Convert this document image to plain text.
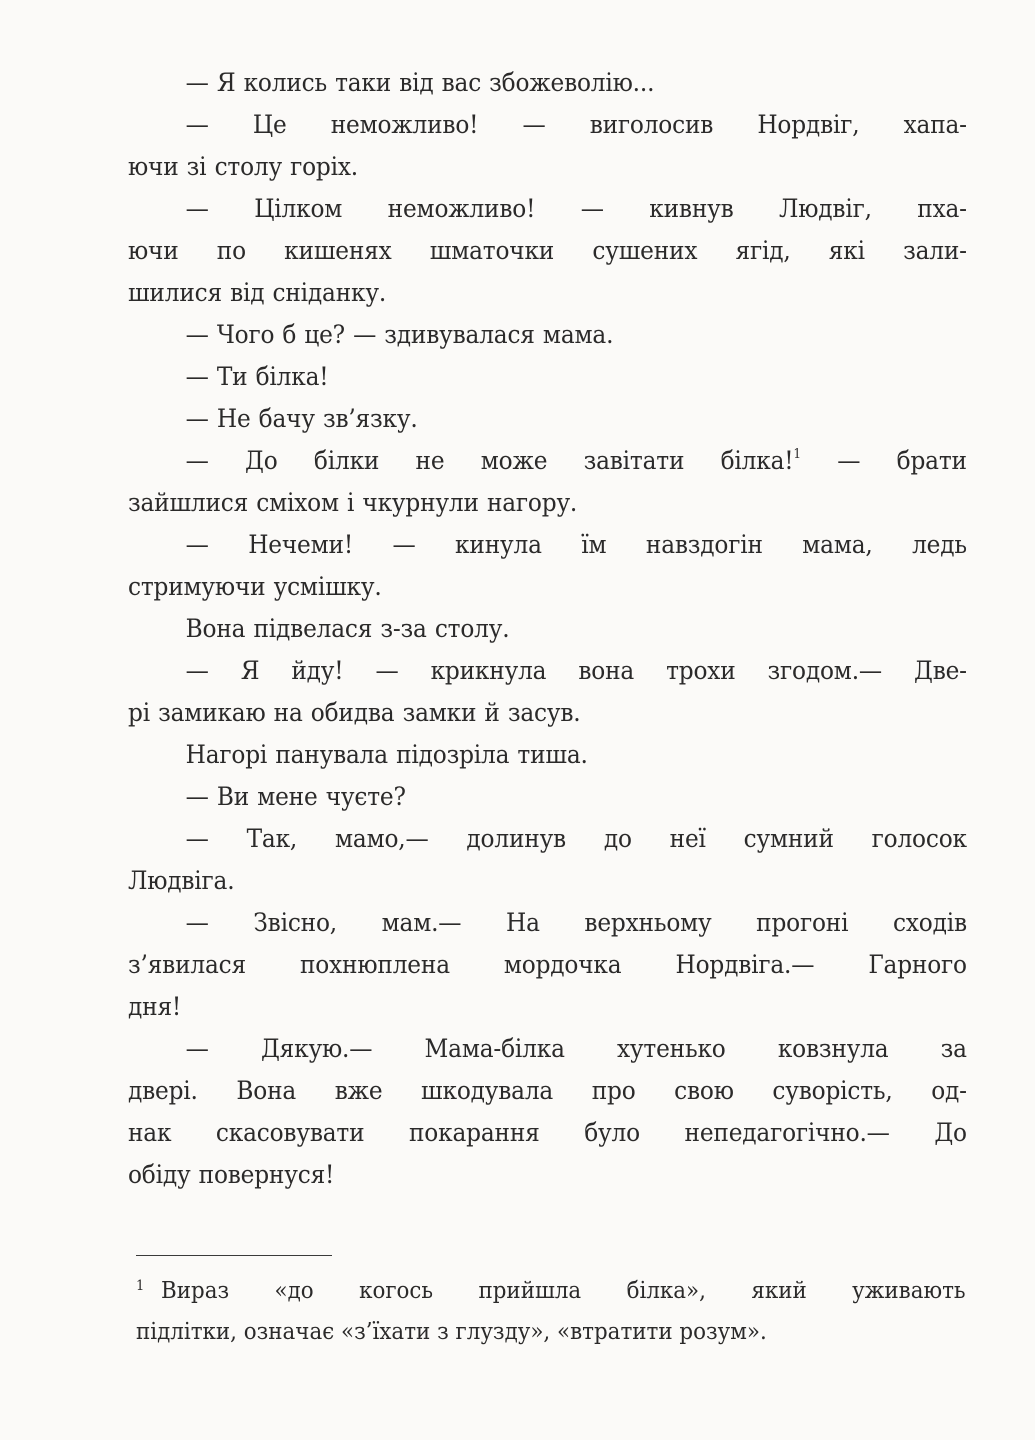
— Я колись таки від вас збожеволію...

— Це неможливо! — виголосив Нордвіг, хапа-
ючи зі столу горіх.

— Цілком неможливо! — кивнув Людвіг, пха-
ючи по кишенях шматочки сушених ягід, які зали-
шилися від сніданку.

— Чого б це? — здивувалася мама.

— Ти білка!

— Не бачу зв’язку.

— До білки не може завітати білка!$^1$ — брати
зайшлися сміхом і чкурнули нагору.

— Нечеми! — кинула їм навздогін мама, ледь
стримуючи усмішку.

Вона підвелася з-за столу.

— Я йду! — крикнула вона трохи згодом.— Две-
рі замикаю на обидва замки й засув.

Нагорі панувала підозріла тиша.

— Ви мене чуєте?

— Так, мамо,— долинув до неї сумний голосок
Людвіга.

— Звісно, мам.— На верхньому прогоні сходів
з’явилася похнюплена мордочка Нордвіга.— Гарного
дня!

— Дякую.— Мама-білка хутенько ковзнула за
двері. Вона вже шкодувала про свою суворість, од-
нак скасовувати покарання було непедагогічно.— До
обіду повернуся!

$^1$ Вираз «до когось прийшла білка», який уживають
підлітки, означає «з’їхати з глузду», «втратити розум».
